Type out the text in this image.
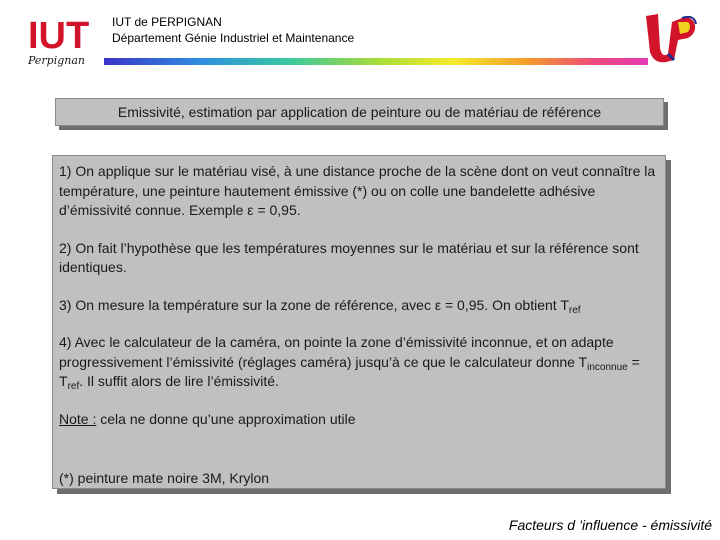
IUT
Perpignan
IUT de PERPIGNAN
Département Génie Industriel et Maintenance
Emissivité, estimation par application de peinture ou de matériau de référence

1) On applique sur le matériau visé, à une distance proche de la scène dont on veut connaître la température, une peinture hautement émissive (*) ou on colle une bandelette adhésive d’émissivité connue. Exemple ε = 0,95.

2) On fait l’hypothèse que les températures moyennes sur le matériau et sur la référence sont identiques.

3) On mesure la température sur la zone de référence, avec ε = 0,95. On obtient $T_{ref}$

4) Avec le calculateur de la caméra, on pointe la zone d’émissivité inconnue, et on adapte progressivement l’émissivité (réglages caméra) jusqu’à ce que le calculateur donne $T_{inconnue} = T_{ref}$. Il suffit alors de lire l’émissivité.

Note : cela ne donne qu’une approximation utile

(*) peinture mate noire 3M, Krylon

Facteurs d ’influence - émissivité
